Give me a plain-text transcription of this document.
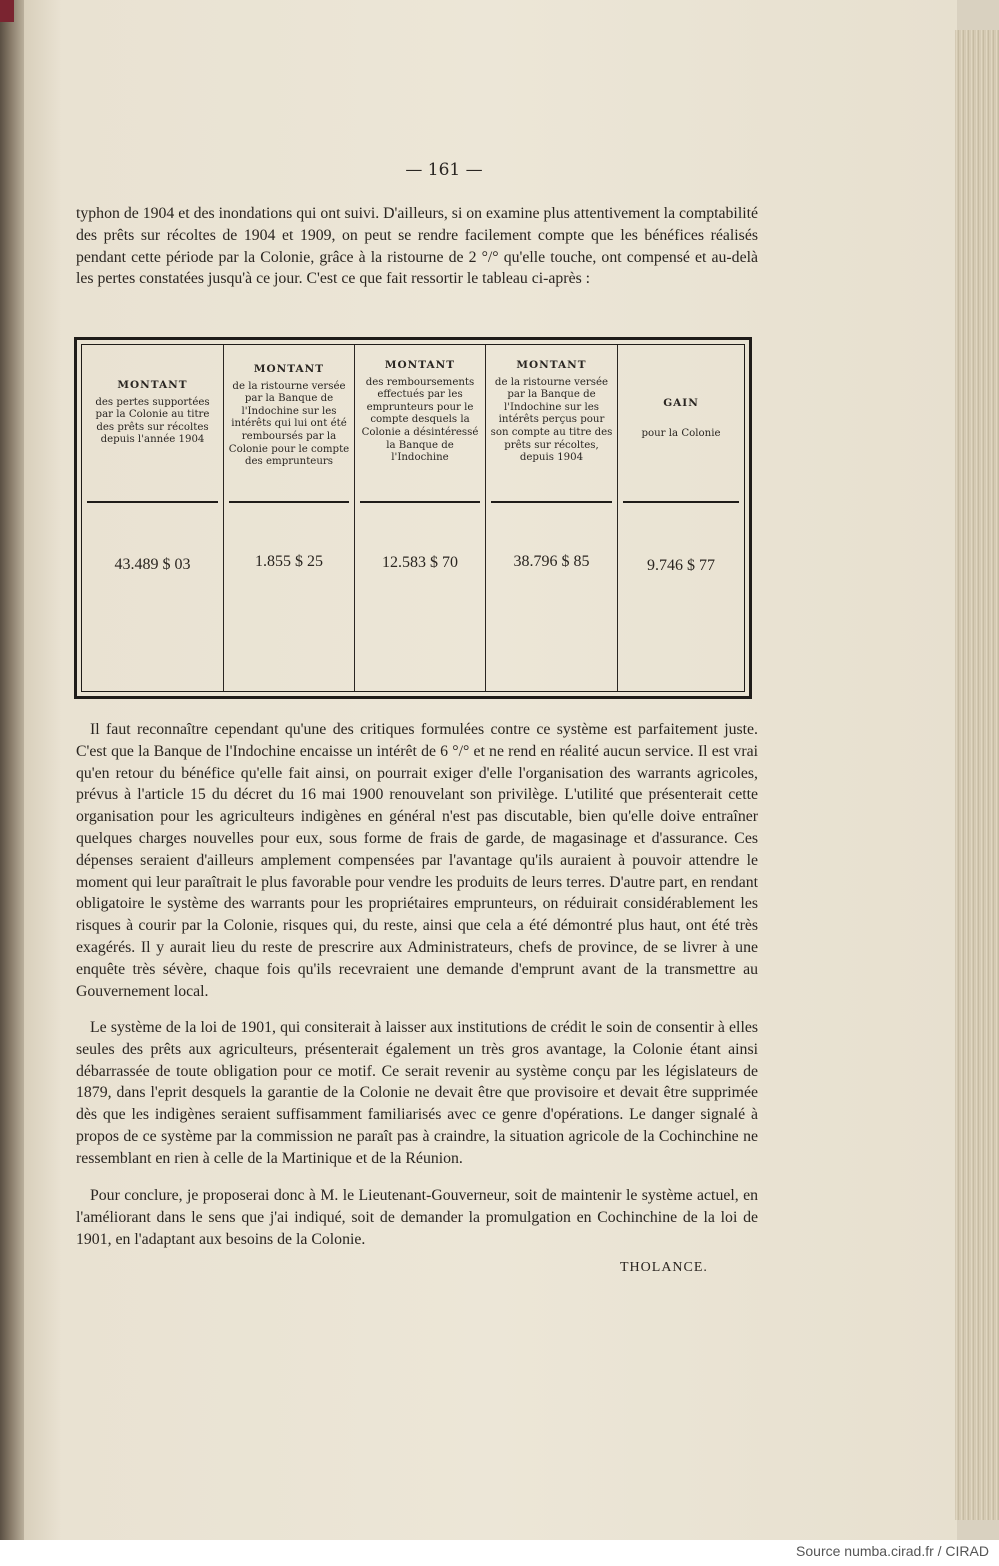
— 161 —

typhon de 1904 et des inondations qui ont suivi. D'ailleurs, si on examine plus attentivement la comptabilité des prêts sur récoltes de 1904 et 1909, on peut se rendre facilement compte que les bénéfices réalisés pendant cette période par la Colonie, grâce à la ristourne de 2 °/° qu'elle touche, ont compensé et au-delà les pertes constatées jusqu'à ce jour. C'est ce que fait ressortir le tableau ci-après :

MONTANT
des pertes supportées par la Colonie au titre des prêts sur récoltes depuis l'année 1904
43.489 $ 03
MONTANT
de la ristourne versée par la Banque de l'Indochine sur les intérêts qui lui ont été remboursés par la Colonie pour le compte des emprunteurs
1.855 $ 25
MONTANT
des remboursements effectués par les emprunteurs pour le compte desquels la Colonie a désintéressé la Banque de l'Indochine
12.583 $ 70
MONTANT
de la ristourne versée par la Banque de l'Indochine sur les intérêts perçus pour son compte au titre des prêts sur récoltes, depuis 1904
38.796 $ 85
GAIN
pour la Colonie
9.746 $ 77

Il faut reconnaître cependant qu'une des critiques formulées contre ce système est parfaitement juste. C'est que la Banque de l'Indochine encaisse un intérêt de 6 °/° et ne rend en réalité aucun service. Il est vrai qu'en retour du bénéfice qu'elle fait ainsi, on pourrait exiger d'elle l'organisation des warrants agricoles, prévus à l'article 15 du décret du 16 mai 1900 renouvelant son privilège. L'utilité que présenterait cette organisation pour les agriculteurs indigènes en général n'est pas discutable, bien qu'elle doive entraîner quelques charges nouvelles pour eux, sous forme de frais de garde, de magasinage et d'assurance. Ces dépenses seraient d'ailleurs amplement compensées par l'avantage qu'ils auraient à pouvoir attendre le moment qui leur paraîtrait le plus favorable pour vendre les produits de leurs terres. D'autre part, en rendant obligatoire le système des warrants pour les propriétaires emprunteurs, on réduirait considérablement les risques à courir par la Colonie, risques qui, du reste, ainsi que cela a été démontré plus haut, ont été très exagérés. Il y aurait lieu du reste de prescrire aux Administrateurs, chefs de province, de se livrer à une enquête très sévère, chaque fois qu'ils recevraient une demande d'emprunt avant de la transmettre au Gouvernement local.

Le système de la loi de 1901, qui consiterait à laisser aux institutions de crédit le soin de consentir à elles seules des prêts aux agriculteurs, présenterait également un très gros avantage, la Colonie étant ainsi débarrassée de toute obligation pour ce motif. Ce serait revenir au système conçu par les législateurs de 1879, dans l'eprit desquels la garantie de la Colonie ne devait être que provisoire et devait être supprimée dès que les indigènes seraient suffisamment familiarisés avec ce genre d'opérations. Le danger signalé à propos de ce système par la commission ne paraît pas à craindre, la situation agricole de la Cochinchine ne ressemblant en rien à celle de la Martinique et de la Réunion.

Pour conclure, je proposerai donc à M. le Lieutenant-Gouverneur, soit de maintenir le système actuel, en l'améliorant dans le sens que j'ai indiqué, soit de demander la promulgation en Cochinchine de la loi de 1901, en l'adaptant aux besoins de la Colonie.

THOLANCE.
Source numba.cirad.fr / CIRAD
